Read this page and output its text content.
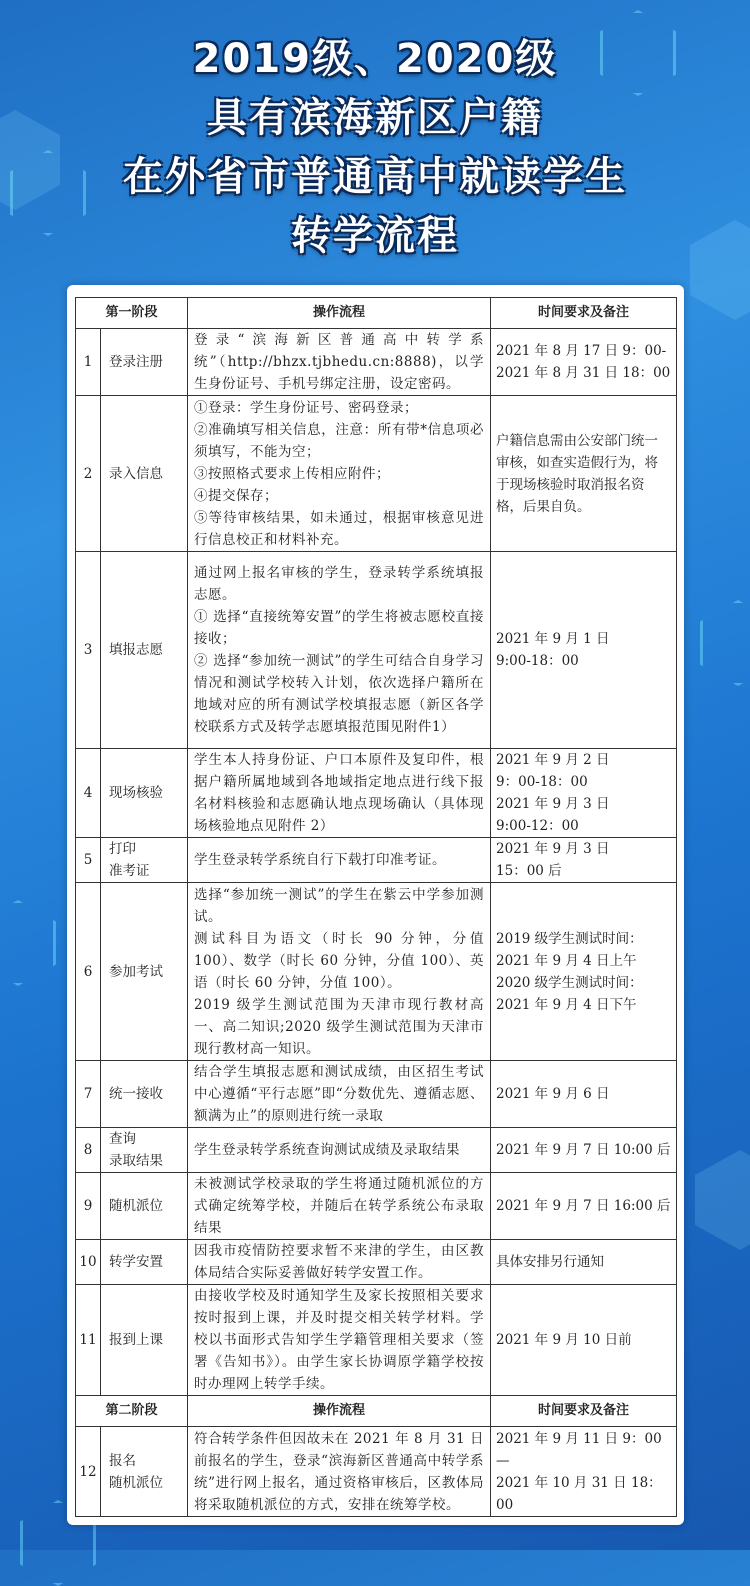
2019级、2020级
具有滨海新区户籍
在外省市普通高中就读学生
转学流程
第一阶段		操作流程	时间要求及备注
1	登录注册	登录“滨海新区普通高中转学系统”（http://bhzx.tjbhedu.cn:8888)，以学生身份证号、手机号绑定注册，设定密码。	2021 年 8 月 17 日 9：00-
2021 年 8 月 31 日 18：00

2	录入信息	①登录：学生身份证号、密码登录；
②准确填写相关信息，注意：所有带*信息项必须填写，不能为空；
③按照格式要求上传相应附件；
④提交保存；
⑤等待审核结果，如未通过，根据审核意见进行信息校正和材料补充。	户籍信息需由公安部门统一审核，如查实造假行为，将于现场核验时取消报名资格，后果自负。

3	填报志愿	通过网上报名审核的学生，登录转学系统填报志愿。
① 选择“直接统筹安置”的学生将被志愿校直接接收；
② 选择“参加统一测试”的学生可结合自身学习情况和测试学校转入计划，依次选择户籍所在地域对应的所有测试学校填报志愿（新区各学校联系方式及转学志愿填报范围见附件1）	2021 年 9 月 1 日
9:00-18：00

4	现场核验	学生本人持身份证、户口本原件及复印件，根据户籍所属地域到各地域指定地点进行线下报名材料核验和志愿确认地点现场确认（具体现场核验地点见附件 2）	2021 年 9 月 2 日
9：00-18：00
2021 年 9 月 3 日
9:00-12：00

5	打印
准考证	学生登录转学系统自行下载打印准考证。	2021 年 9 月 3 日
15：00 后

6	参加考试	选择“参加统一测试”的学生在紫云中学参加测试。
测试科目为语文（时长 90 分钟，分值 100）、数学（时长 60 分钟，分值 100）、英语（时长 60 分钟，分值 100）。
2019 级学生测试范围为天津市现行教材高一、高二知识;2020 级学生测试范围为天津市现行教材高一知识。	2019 级学生测试时间：
2021 年 9 月 4 日上午
2020 级学生测试时间：
2021 年 9 月 4 日下午

7	统一接收	结合学生填报志愿和测试成绩，由区招生考试中心遵循“平行志愿”即“分数优先、遵循志愿、额满为止”的原则进行统一录取	2021 年 9 月 6 日

8	查询
录取结果	学生登录转学系统查询测试成绩及录取结果	2021 年 9 月 7 日 10:00 后

9	随机派位	未被测试学校录取的学生将通过随机派位的方式确定统筹学校，并随后在转学系统公布录取结果	2021 年 9 月 7 日 16:00 后

10	转学安置	因我市疫情防控要求暂不来津的学生，由区教体局结合实际妥善做好转学安置工作。	具体安排另行通知

11	报到上课	由接收学校及时通知学生及家长按照相关要求按时报到上课，并及时提交相关转学材料。学校以书面形式告知学生学籍管理相关要求（签署《告知书》）。由学生家长协调原学籍学校按时办理网上转学手续。	2021 年 9 月 10 日前

第二阶段		操作流程	时间要求及备注
12	报名
随机派位	符合转学条件但因故未在 2021 年 8 月 31 日前报名的学生，登录“滨海新区普通高中转学系统”进行网上报名，通过资格审核后，区教体局将采取随机派位的方式，安排在统筹学校。	2021 年 9 月 11 日 9：00—
2021 年 10 月 31 日 18：00
